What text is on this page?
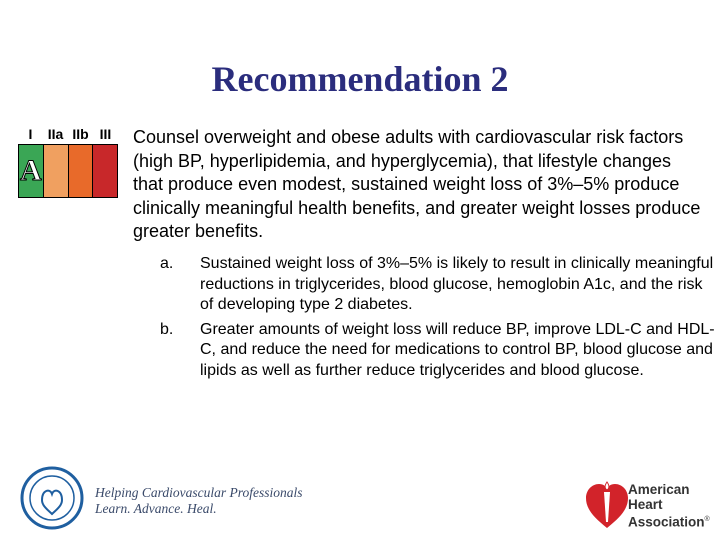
Recommendation 2
I	IIa IIb III
A
Counsel overweight and obese adults with cardiovascular risk factors (high BP, hyperlipidemia, and hyperglycemia), that lifestyle changes that produce even modest, sustained weight loss of 3%–5% produce clinically meaningful health benefits, and greater weight losses produce greater benefits.
a.	Sustained weight loss of 3%–5% is likely to result in clinically meaningful reductions in triglycerides, blood glucose, hemoglobin A1c, and the risk of developing type 2 diabetes.
b.	Greater amounts of weight loss will reduce BP, improve LDL-C and HDL-C, and reduce the need for medications to control BP, blood glucose and lipids as well as further reduce triglycerides and blood glucose.
Helping Cardiovascular Professionals
Learn. Advance. Heal.
American
Heart
Association®
